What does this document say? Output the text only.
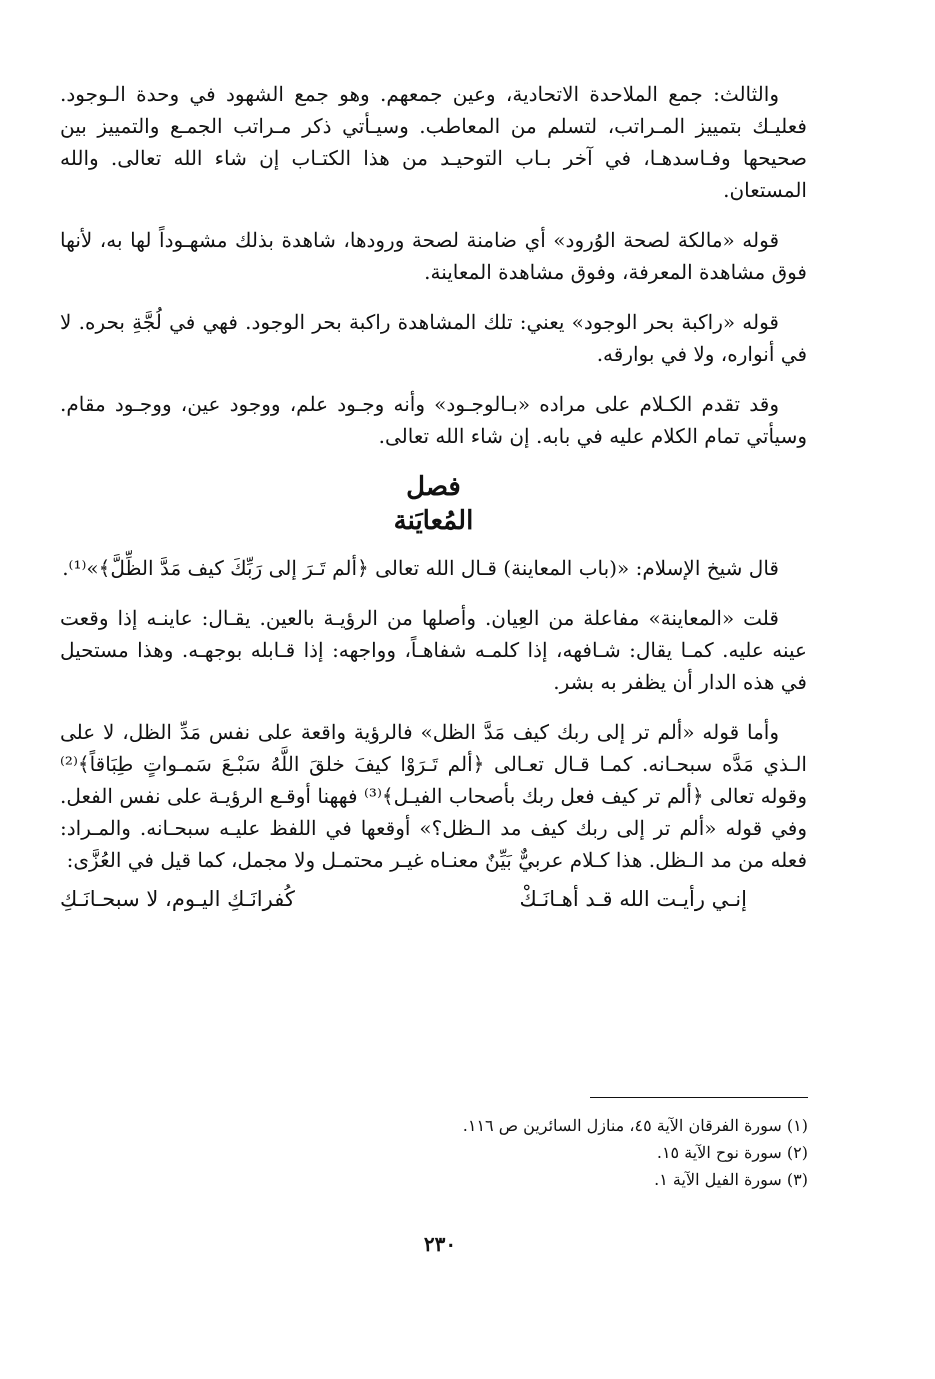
والثالث: جمع الملاحدة الاتحادية، وعين جمعهم. وهو جمع الشهود في وحدة الـوجود. فعليـك بتمييز المـراتب، لتسلم من المعاطب. وسيـأتي ذكر مـراتب الجمـع والتمييز بين صحيحها وفـاسدهـا، في آخر بـاب التوحيـد من هذا الكتـاب إن شاء الله تعالى. والله المستعان.

قوله «مالكة لصحة الوُرود» أي ضامنة لصحة ورودها، شاهدة بذلك مشهـوداً لها به، لأنها فوق مشاهدة المعرفة، وفوق مشاهدة المعاينة.

قوله «راكبة بحر الوجود» يعني: تلك المشاهدة راكبة بحر الوجود. فهي في لُجَّةِ بحره. لا في أنواره، ولا في بوارقه.

وقد تقدم الكـلام على مراده «بـالوجـود» وأنه وجـود علم، ووجود عين، ووجـود مقام. وسيأتي تمام الكلام عليه في بابه. إن شاء الله تعالى.

فصل
المُعايَنة

قال شيخ الإسلام: «(باب المعاينة) قـال الله تعالى ﴿ألم تَـرَ إلى رَبِّكَ كيف مَدَّ الظِّلَّ﴾»⁽¹⁾.

قلت «المعاينة» مفاعلة من العِيان. وأصلها من الرؤيـة بالعين. يقـال: عاينـه إذا وقعت عينه عليه. كمـا يقال: شـافهه، إذا كلمـه شفاهـاً، وواجهه: إذا قـابله بوجهـه. وهذا مستحيل في هذه الدار أن يظفر به بشر.

وأما قوله «ألم تر إلى ربك كيف مَدَّ الظل» فالرؤية واقعة على نفس مَدِّ الظل، لا على الـذي مَدَّه سبحـانه. كمـا قـال تعـالى ﴿ألم تَـرَوْا كيفَ خلقَ اللَّهُ سَبْـعَ سَمـواتٍ طِبَاقاً﴾⁽²⁾ وقوله تعالى ﴿ألم تر كيف فعل ربك بأصحاب الفيـل﴾⁽³⁾ فههنا أوقـع الرؤيـة على نفس الفعل. وفي قوله «ألم تر إلى ربك كيف مد الـظل؟» أوقعها في اللفظ عليـه سبحـانه. والمـراد: فعله من مد الـظل. هذا كـلام عربيٌّ بَيِّنٌ معنـاه غيـر محتمـل ولا مجمل، كما قيل في العُزَّى:

إنـي رأيـت الله قـد أهـانَـكْ
كُفرانَـكِ اليـوم، لا سبحـانَـكِ
(١) سورة الفرقان الآية ٤٥، منازل السائرين ص ١١٦.
(٢) سورة نوح الآية ١٥.
(٣) سورة الفيل الآية ١.
٢٣٠
